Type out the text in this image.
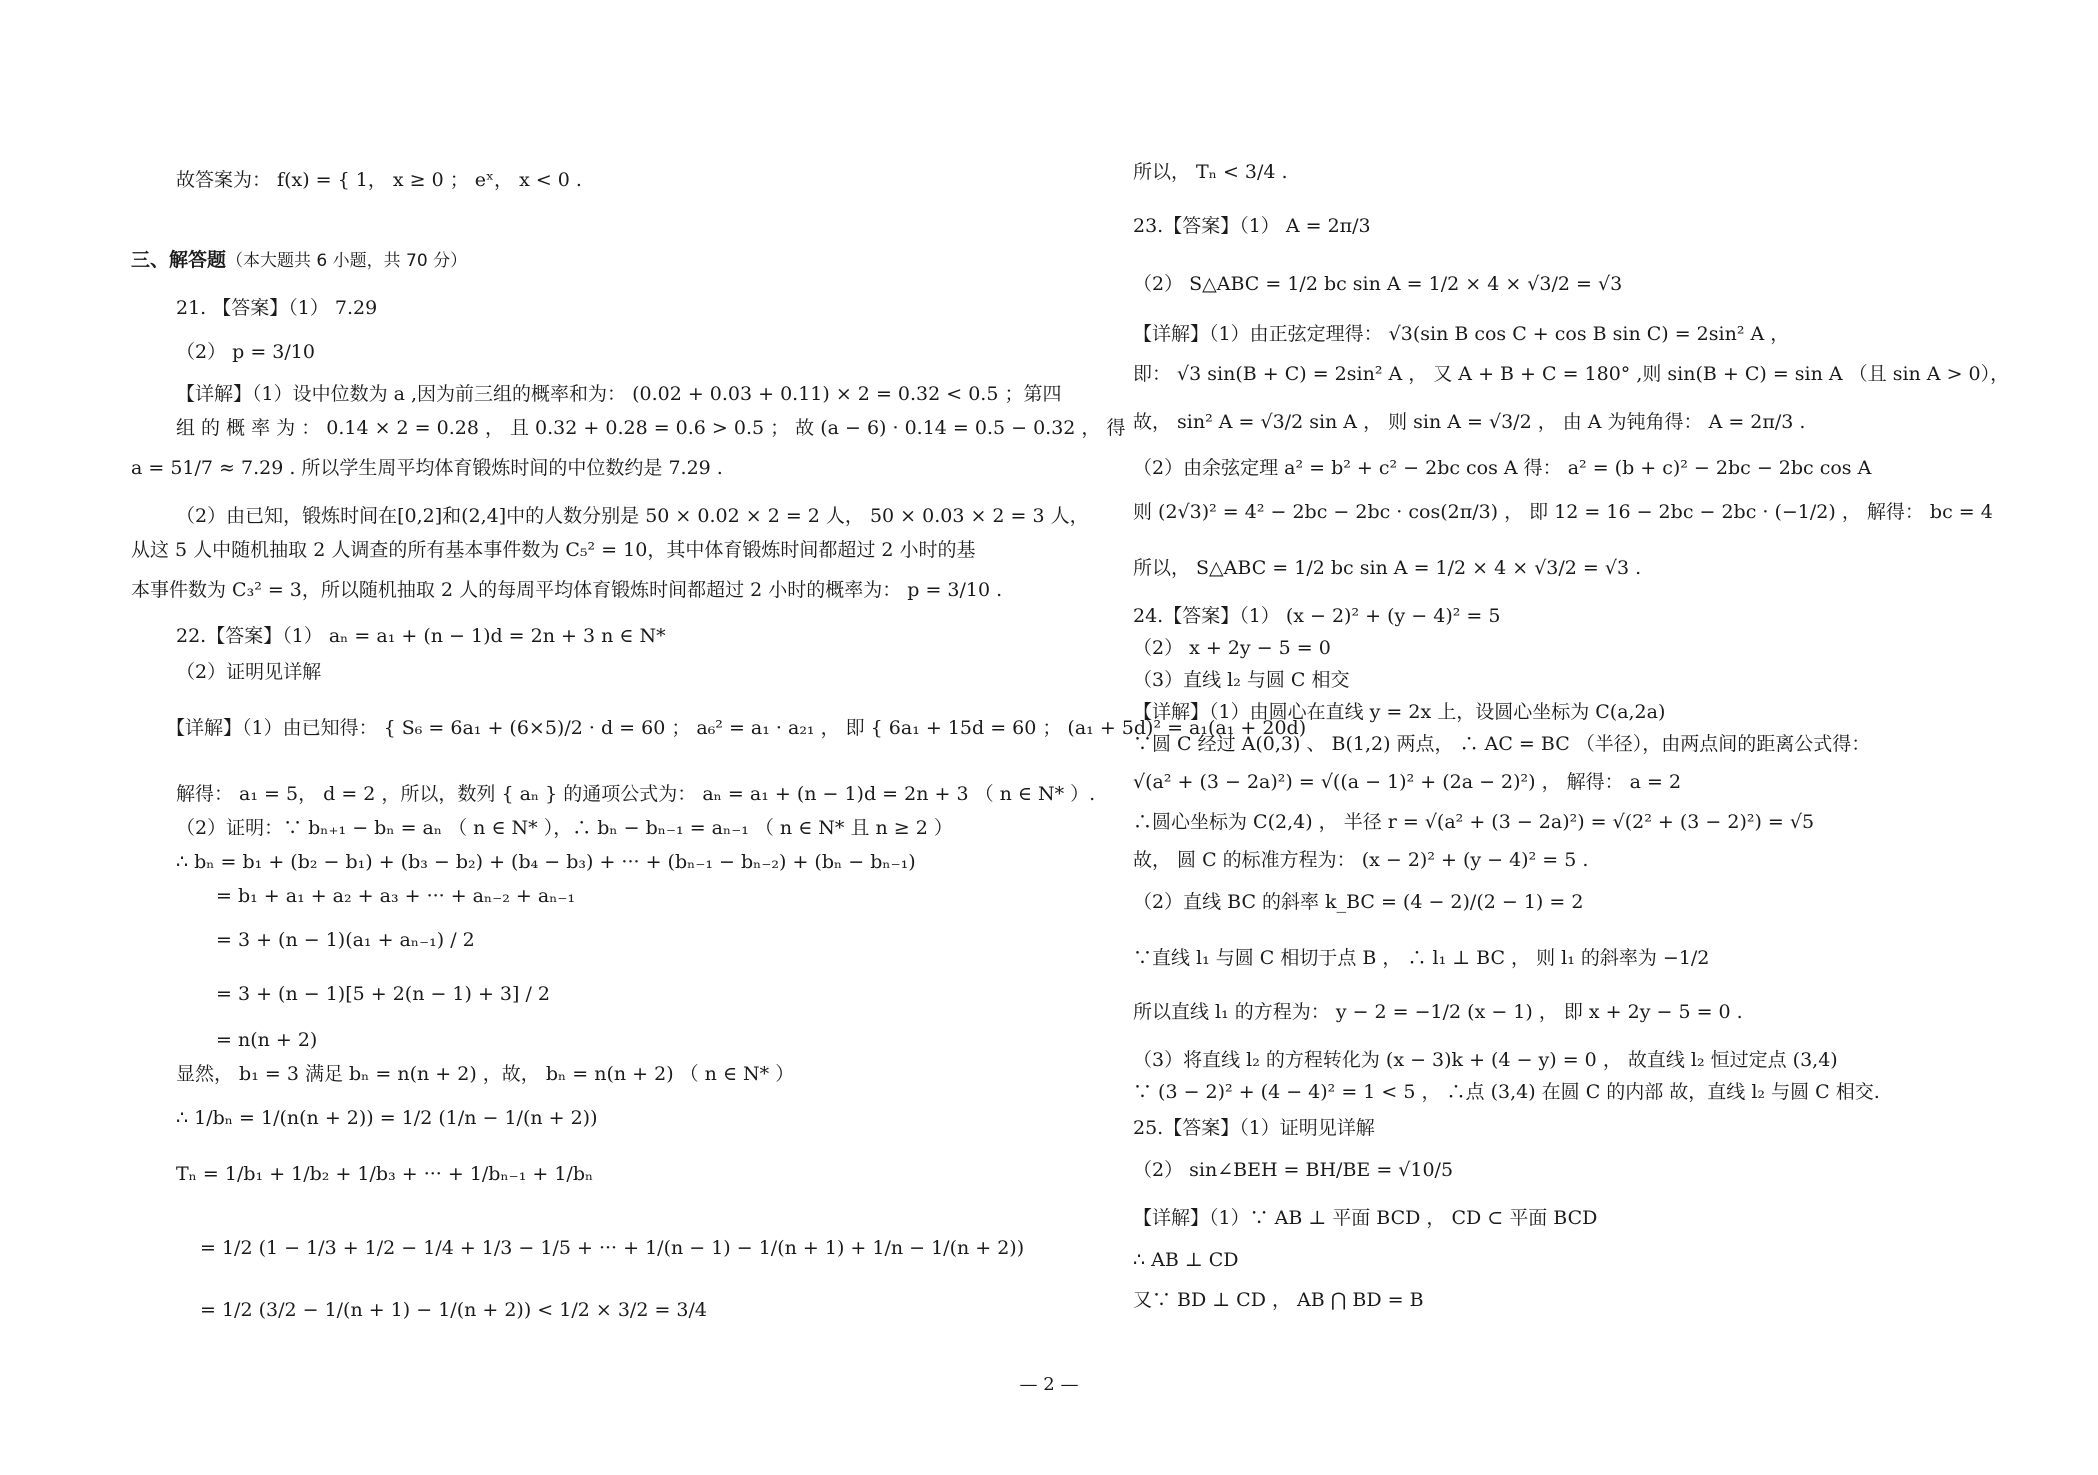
故答案为： f(x) = { 1， x ≥ 0 ； eˣ， x < 0 .
三、解答题（本大题共 6 小题，共 70 分）
21. 【答案】（1） 7.29
（2） p = 3/10
【详解】（1）设中位数为 a ,因为前三组的概率和为： (0.02 + 0.03 + 0.11) × 2 = 0.32 < 0.5 ；第四
组 的 概 率 为 ： 0.14 × 2 = 0.28 ， 且 0.32 + 0.28 = 0.6 > 0.5 ； 故 (a − 6) · 0.14 = 0.5 − 0.32 ， 得
a = 51/7 ≈ 7.29 . 所以学生周平均体育锻炼时间的中位数约是 7.29 .
（2）由已知，锻炼时间在[0,2]和(2,4]中的人数分别是 50 × 0.02 × 2 = 2 人， 50 × 0.03 × 2 = 3 人，
从这 5 人中随机抽取 2 人调查的所有基本事件数为 C₅² = 10，其中体育锻炼时间都超过 2 小时的基
本事件数为 C₃² = 3，所以随机抽取 2 人的每周平均体育锻炼时间都超过 2 小时的概率为： p = 3/10 .
22.【答案】（1） aₙ = a₁ + (n − 1)d = 2n + 3 n ∈ N*
（2）证明见详解
【详解】（1）由已知得： { S₆ = 6a₁ + (6×5)/2 · d = 60 ； a₆² = a₁ · a₂₁ ， 即 { 6a₁ + 15d = 60 ； (a₁ + 5d)² = a₁(a₁ + 20d)
解得： a₁ = 5， d = 2 ，所以，数列 { aₙ } 的通项公式为： aₙ = a₁ + (n − 1)d = 2n + 3 （ n ∈ N* ）.
（2）证明：∵ bₙ₊₁ − bₙ = aₙ （ n ∈ N* ），∴ bₙ − bₙ₋₁ = aₙ₋₁ （ n ∈ N* 且 n ≥ 2 ）
∴ bₙ = b₁ + (b₂ − b₁) + (b₃ − b₂) + (b₄ − b₃) + ··· + (bₙ₋₁ − bₙ₋₂) + (bₙ − bₙ₋₁)
= b₁ + a₁ + a₂ + a₃ + ··· + aₙ₋₂ + aₙ₋₁
= 3 + (n − 1)(a₁ + aₙ₋₁) / 2
= 3 + (n − 1)[5 + 2(n − 1) + 3] / 2
= n(n + 2)
显然， b₁ = 3 满足 bₙ = n(n + 2) ，故， bₙ = n(n + 2) （ n ∈ N* ）
∴ 1/bₙ = 1/(n(n + 2)) = 1/2 (1/n − 1/(n + 2))
Tₙ = 1/b₁ + 1/b₂ + 1/b₃ + ··· + 1/bₙ₋₁ + 1/bₙ
= 1/2 (1 − 1/3 + 1/2 − 1/4 + 1/3 − 1/5 + ··· + 1/(n − 1) − 1/(n + 1) + 1/n − 1/(n + 2))
= 1/2 (3/2 − 1/(n + 1) − 1/(n + 2)) < 1/2 × 3/2 = 3/4
所以， Tₙ < 3/4 .
23.【答案】（1） A = 2π/3
（2） S△ABC = 1/2 bc sin A = 1/2 × 4 × √3/2 = √3
【详解】（1）由正弦定理得： √3(sin B cos C + cos B sin C) = 2sin² A ，
即： √3 sin(B + C) = 2sin² A ， 又 A + B + C = 180° ,则 sin(B + C) = sin A （且 sin A > 0），
故， sin² A = √3/2 sin A ， 则 sin A = √3/2 ， 由 A 为钝角得： A = 2π/3 .
（2）由余弦定理 a² = b² + c² − 2bc cos A 得： a² = (b + c)² − 2bc − 2bc cos A
则 (2√3)² = 4² − 2bc − 2bc · cos(2π/3) ， 即 12 = 16 − 2bc − 2bc · (−1/2) ， 解得： bc = 4
所以， S△ABC = 1/2 bc sin A = 1/2 × 4 × √3/2 = √3 .
24.【答案】（1） (x − 2)² + (y − 4)² = 5
（2） x + 2y − 5 = 0
（3）直线 l₂ 与圆 C 相交
【详解】（1）由圆心在直线 y = 2x 上，设圆心坐标为 C(a,2a)
∵圆 C 经过 A(0,3) 、 B(1,2) 两点， ∴ AC = BC （半径），由两点间的距离公式得：
√(a² + (3 − 2a)²) = √((a − 1)² + (2a − 2)²) ， 解得： a = 2
∴圆心坐标为 C(2,4) ， 半径 r = √(a² + (3 − 2a)²) = √(2² + (3 − 2)²) = √5
故， 圆 C 的标准方程为： (x − 2)² + (y − 4)² = 5 .
（2）直线 BC 的斜率 k_BC = (4 − 2)/(2 − 1) = 2
∵直线 l₁ 与圆 C 相切于点 B ， ∴ l₁ ⊥ BC ， 则 l₁ 的斜率为 −1/2
所以直线 l₁ 的方程为： y − 2 = −1/2 (x − 1) ， 即 x + 2y − 5 = 0 .
（3）将直线 l₂ 的方程转化为 (x − 3)k + (4 − y) = 0 ， 故直线 l₂ 恒过定点 (3,4)
∵ (3 − 2)² + (4 − 4)² = 1 < 5 ， ∴点 (3,4) 在圆 C 的内部 故，直线 l₂ 与圆 C 相交.
25.【答案】（1）证明见详解
（2） sin∠BEH = BH/BE = √10/5
【详解】（1）∵ AB ⊥ 平面 BCD ， CD ⊂ 平面 BCD
∴ AB ⊥ CD
又∵ BD ⊥ CD ， AB ⋂ BD = B
— 2 —
